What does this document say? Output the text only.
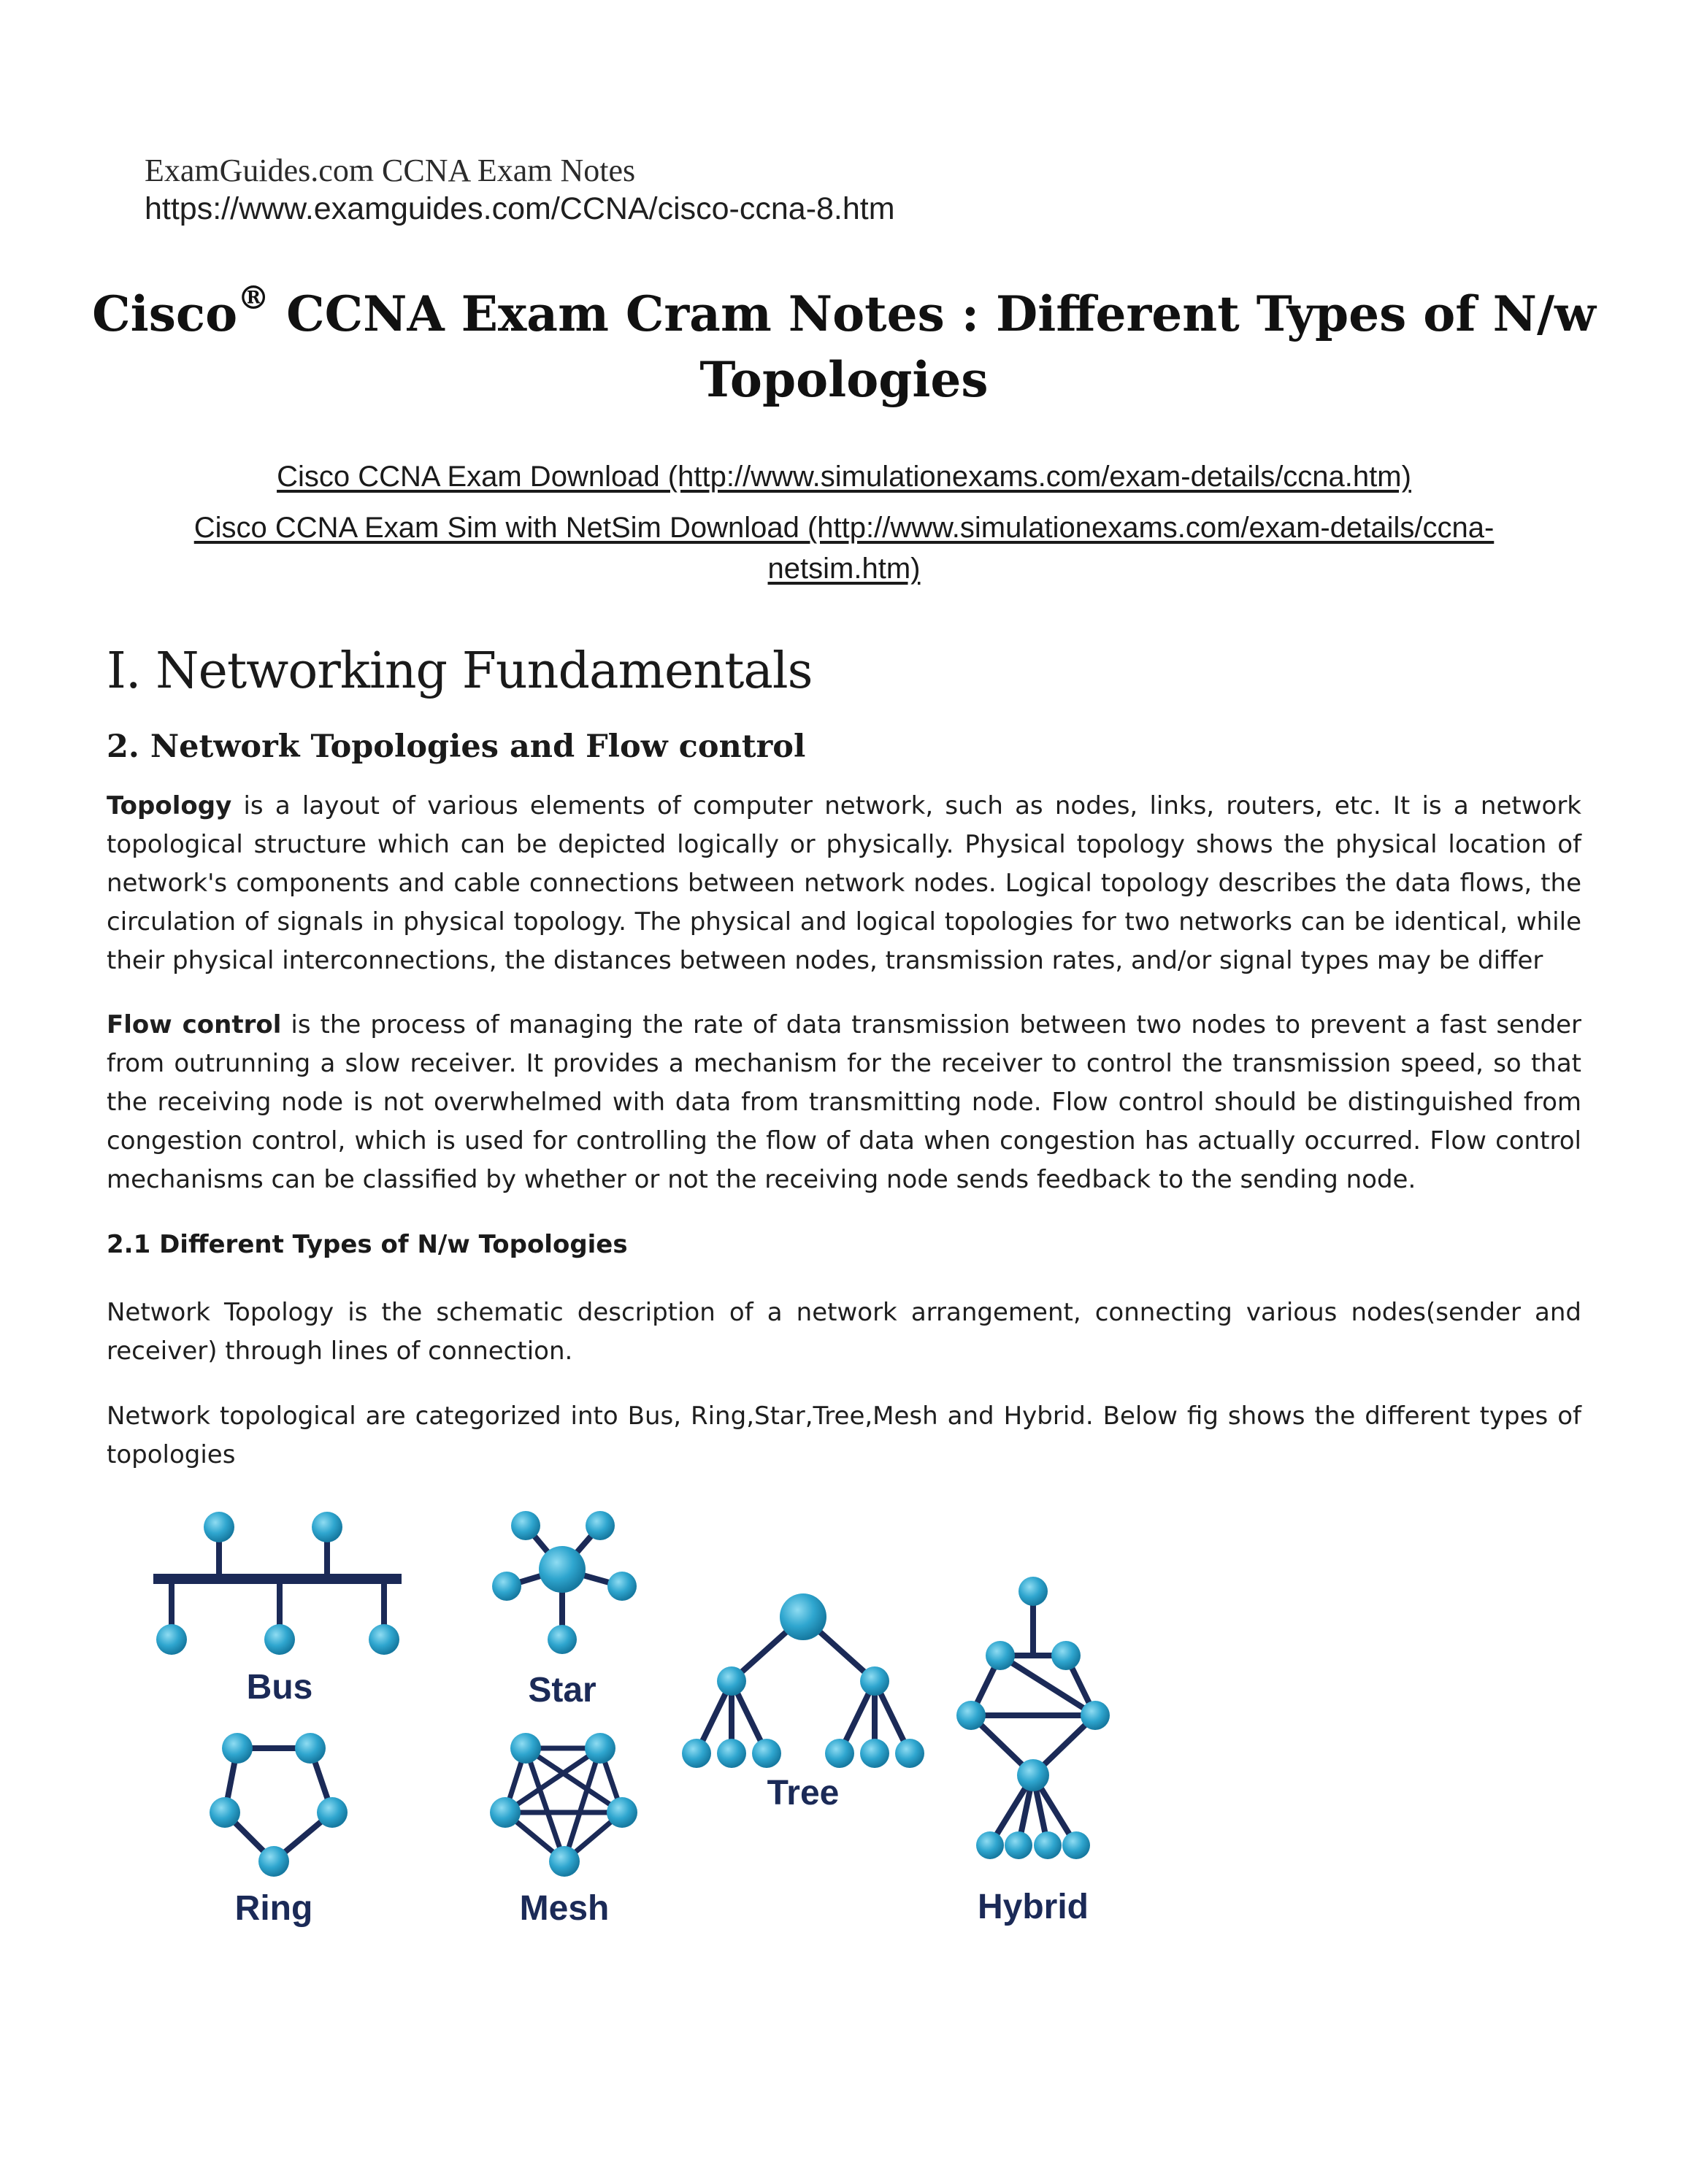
ExamGuides.com CCNA Exam Notes
https://www.examguides.com/CCNA/cisco-ccna-8.htm
Cisco® CCNA Exam Cram Notes : Different Types of N/w Topologies
Cisco CCNA Exam Download (http://www.simulationexams.com/exam-details/ccna.htm)
Cisco CCNA Exam Sim with NetSim Download (http://www.simulationexams.com/exam-details/ccna-netsim.htm)
I. Networking Fundamentals
2. Network Topologies and Flow control

Topology is a layout of various elements of computer network, such as nodes, links, routers, etc. It is a network topological structure which can be depicted logically or physically. Physical topology shows the physical location of network's components and cable connections between network nodes. Logical topology describes the data flows, the circulation of signals in physical topology. The physical and logical topologies for two networks can be identical, while their physical interconnections, the distances between nodes, transmission rates, and/or signal types may be differ

Flow control is the process of managing the rate of data transmission between two nodes to prevent a fast sender from outrunning a slow receiver. It provides a mechanism for the receiver to control the transmission speed, so that the receiving node is not overwhelmed with data from transmitting node. Flow control should be distinguished from congestion control, which is used for controlling the flow of data when congestion has actually occurred. Flow control mechanisms can be classified by whether or not the receiving node sends feedback to the sending node.

2.1 Different Types of N/w Topologies

Network Topology is the schematic description of a network arrangement, connecting various nodes(sender and receiver) through lines of connection.

Network topological are categorized into Bus, Ring,Star,Tree,Mesh and Hybrid. Below fig shows the different types of topologies

Bus	Star
Ring	Mesh
Tree
Hybrid
